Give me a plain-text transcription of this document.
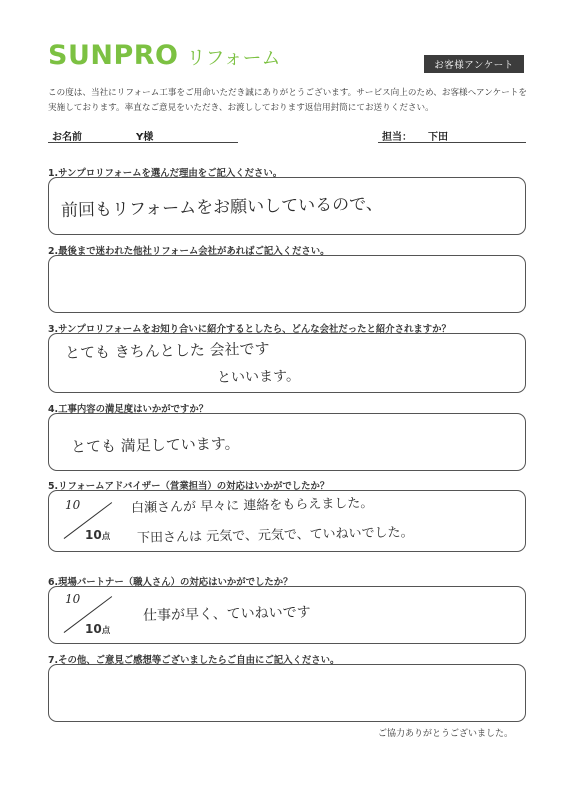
SUNPRO リフォーム	お客様アンケート

この度は、当社にリフォーム工事をご用命いただき誠にありがとうございます。サービス向上のため、お客様へアンケートを実施しております。率直なご意見をいただき、お渡ししております返信用封筒にてお送りください。

お名前	Y様	担当： 下田
1.サンプロリフォームを選んだ理由をご記入ください。
前回もリフォームをお願いしているので、
2.最後まで迷われた他社リフォーム会社があればご記入ください。
3.サンプロリフォームをお知り合いに紹介するとしたら、どんな会社だったと紹介されますか？
とても きちんとした 会社です
といいます。
4.工事内容の満足度はいかがですか？
とても 満足しています。
5.リフォームアドバイザー（営業担当）の対応はいかがでしたか？
白瀬さんが 早々に 連絡をもらえました。
下田さんは 元気で、元気で、ていねいでした。
10
10点
6.現場パートナー（職人さん）の対応はいかがでしたか？
仕事が早く、ていねいです
10
10点
7.その他、ご意見ご感想等ございましたらご自由にご記入ください。
ご協力ありがとうございました。
